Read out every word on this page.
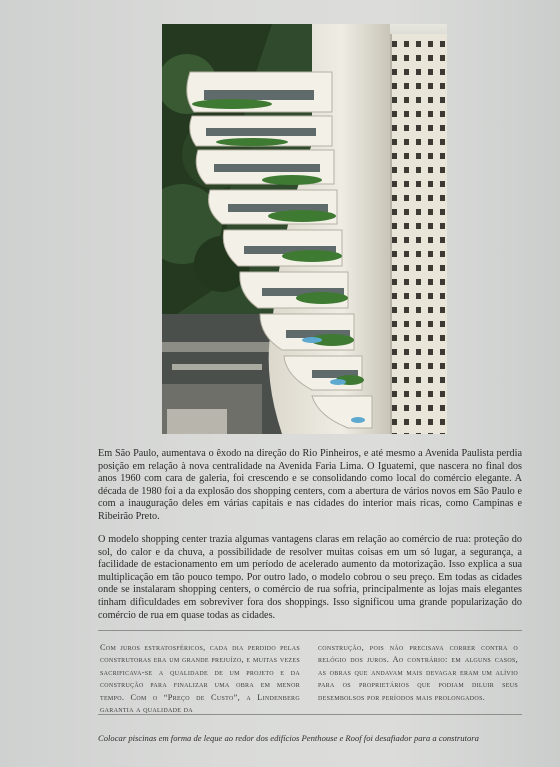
Em São Paulo, aumentava o êxodo na direção do Rio Pinheiros, e até mesmo a Avenida Paulista perdia posição em relação à nova centralidade na Avenida Faria Lima. O Iguatemi, que nascera no final dos anos 1960 com cara de galeria, foi crescendo e se consolidando como local do comércio elegante. A década de 1980 foi a da explosão dos shopping centers, com a abertura de vários novos em São Paulo e com a inauguração deles em várias capitais e nas cidades do interior mais ricas, como Campinas e Ribeirão Preto.

O modelo shopping center trazia algumas vantagens claras em relação ao comércio de rua: proteção do sol, do calor e da chuva, a possibilidade de resolver muitas coisas em um só lugar, a segurança, a facilidade de estacionamento em um período de acelerado aumento da motorização. Isso explica a sua multiplicação em tão pouco tempo. Por outro lado, o modelo cobrou o seu preço. Em todas as cidades onde se instalaram shopping centers, o comércio de rua sofria, principalmente as lojas mais elegantes tinham dificuldades em sobreviver fora dos shoppings. Isso significou uma grande popularização do comércio de rua em quase todas as cidades.

Com juros estratosféricos, cada dia perdido pelas construtoras era um grande prejuízo, e muitas vezes sacrificava-se a qualidade de um projeto e da construção para finalizar uma obra em menor tempo. Com o “Preço de Custo”, a Lindenberg garantia a qualidade da

construção, pois não precisava correr contra o relógio dos juros. Ao contrário: em alguns casos, as obras que andavam mais devagar eram um alívio para os proprietários que podiam diluir seus desembolsos por períodos mais prolongados.

Colocar piscinas em forma de leque ao redor dos edifícios Penthouse e Roof foi desafiador para a construtora
